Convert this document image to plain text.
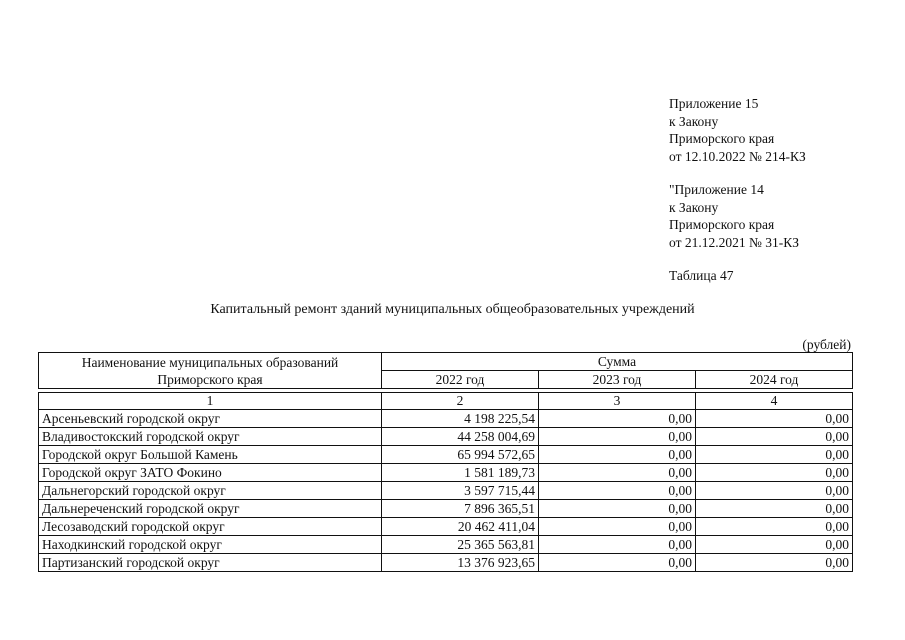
Приложение 15
к Закону
Приморского края
от 12.10.2022 № 214-КЗ
"Приложение 14
к Закону
Приморского края
от 21.12.2021 № 31-КЗ
Таблица 47
Капитальный ремонт зданий муниципальных общеобразовательных учреждений
(рублей)
Наименование муниципальных образований Приморского края	Сумма		
	2022 год	2023 год	2024 год

1	2	3	4
Арсеньевский городской округ	4 198 225,54	0,00	0,00
Владивостокский городской округ	44 258 004,69	0,00	0,00
Городской округ Большой Камень	65 994 572,65	0,00	0,00
Городской округ ЗАТО Фокино	1 581 189,73	0,00	0,00
Дальнегорский городской округ	3 597 715,44	0,00	0,00
Дальнереченский городской округ	7 896 365,51	0,00	0,00
Лесозаводский городской округ	20 462 411,04	0,00	0,00
Находкинский городской округ	25 365 563,81	0,00	0,00
Партизанский городской округ	13 376 923,65	0,00	0,00
